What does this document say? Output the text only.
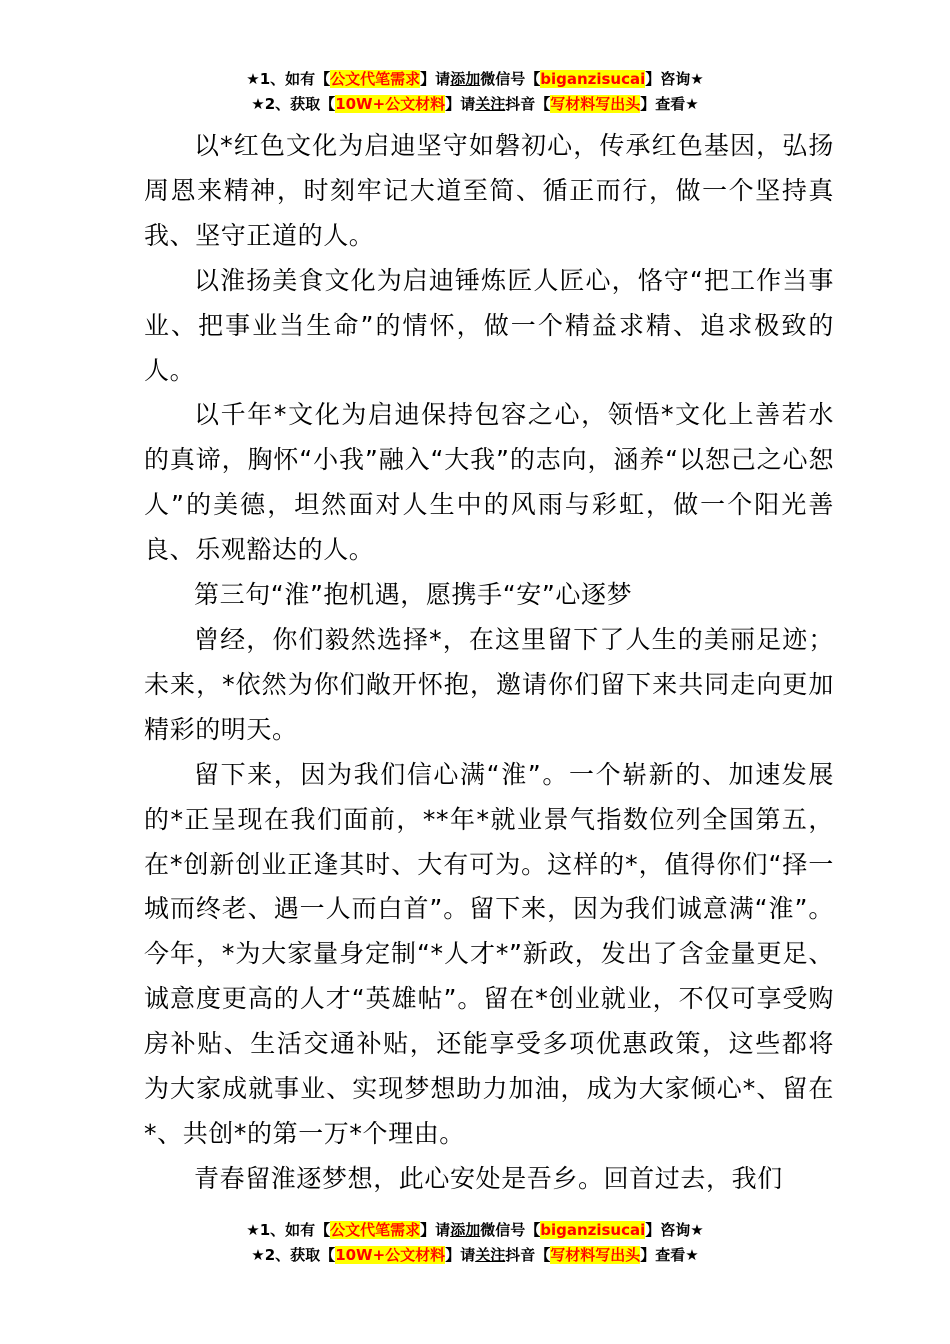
★1、如有【公文代笔需求】请添加微信号【biganzisucai】咨询★
★2、获取【10W+公文材料】请关注抖音【写材料写出头】查看★

以*红色文化为启迪坚守如磐初心，传承红色基因，弘扬周恩来精神，时刻牢记大道至简、循正而行，做一个坚持真我、坚守正道的人。

以淮扬美食文化为启迪锤炼匠人匠心，恪守“把工作当事业、把事业当生命”的情怀，做一个精益求精、追求极致的人。

以千年*文化为启迪保持包容之心，领悟*文化上善若水的真谛，胸怀“小我”融入“大我”的志向，涵养“以恕己之心恕人”的美德，坦然面对人生中的风雨与彩虹，做一个阳光善良、乐观豁达的人。

第三句“淮”抱机遇，愿携手“安”心逐梦

曾经，你们毅然选择*，在这里留下了人生的美丽足迹；未来，*依然为你们敞开怀抱，邀请你们留下来共同走向更加精彩的明天。

留下来，因为我们信心满“淮”。一个崭新的、加速发展的*正呈现在我们面前，**年*就业景气指数位列全国第五，在*创新创业正逢其时、大有可为。这样的*，值得你们“择一城而终老、遇一人而白首”。留下来，因为我们诚意满“淮”。今年，*为大家量身定制“*人才*”新政，发出了含金量更足、诚意度更高的人才“英雄帖”。留在*创业就业，不仅可享受购房补贴、生活交通补贴，还能享受多项优惠政策，这些都将为大家成就事业、实现梦想助力加油，成为大家倾心*、留在*、共创*的第一万*个理由。

青春留淮逐梦想，此心安处是吾乡。回首过去，我们

★1、如有【公文代笔需求】请添加微信号【biganzisucai】咨询★
★2、获取【10W+公文材料】请关注抖音【写材料写出头】查看★
